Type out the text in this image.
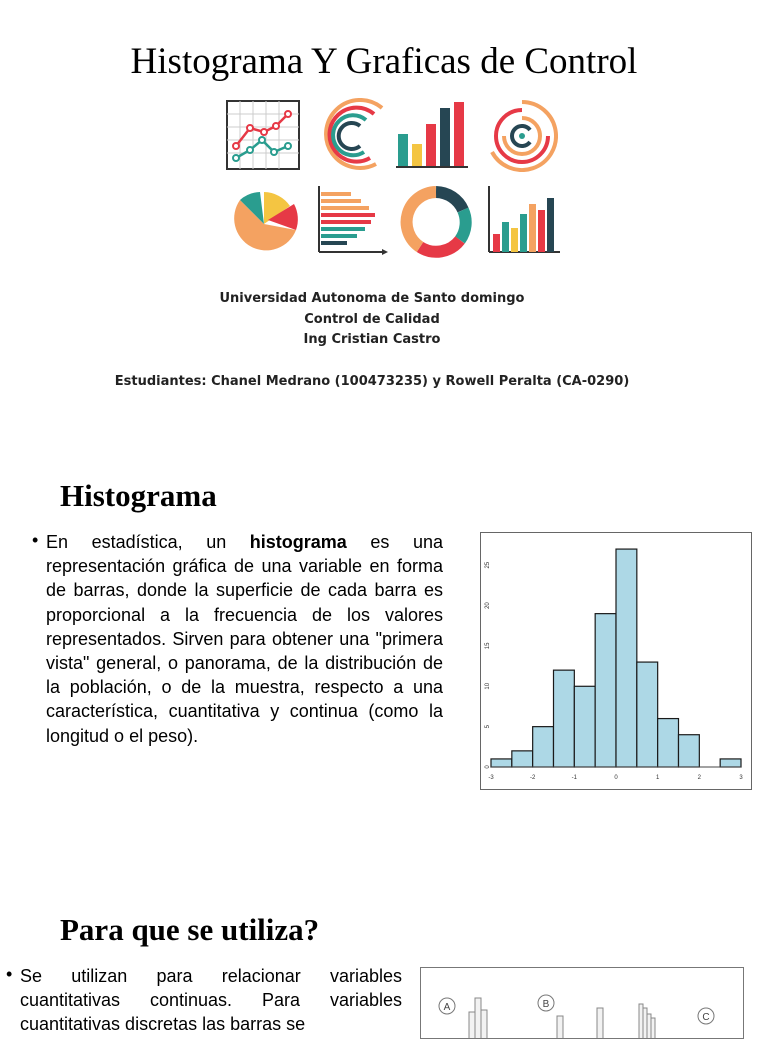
Histograma Y Graficas de Control
Universidad Autonoma de Santo domingo
Control de Calidad
Ing Cristian Castro
Estudiantes: Chanel Medrano (100473235) y Rowell Peralta (CA-0290)
Histograma
• En estadística, un histograma es una representación gráfica de una variable en forma de barras, donde la superficie de cada barra es proporcional a la frecuencia de los valores representados. Sirven para obtener una "primera vista" general, o panorama, de la distribución de la población, o de la muestra, respecto a una característica, cuantitativa y continua (como la longitud o el peso).
-3	-2	-1	0	1	2	3
0
5
10
15
20
25
Para que se utiliza?
• Se utilizan para relacionar variables cuantitativas continuas. Para variables cuantitativas discretas las barras se
A	B
C
